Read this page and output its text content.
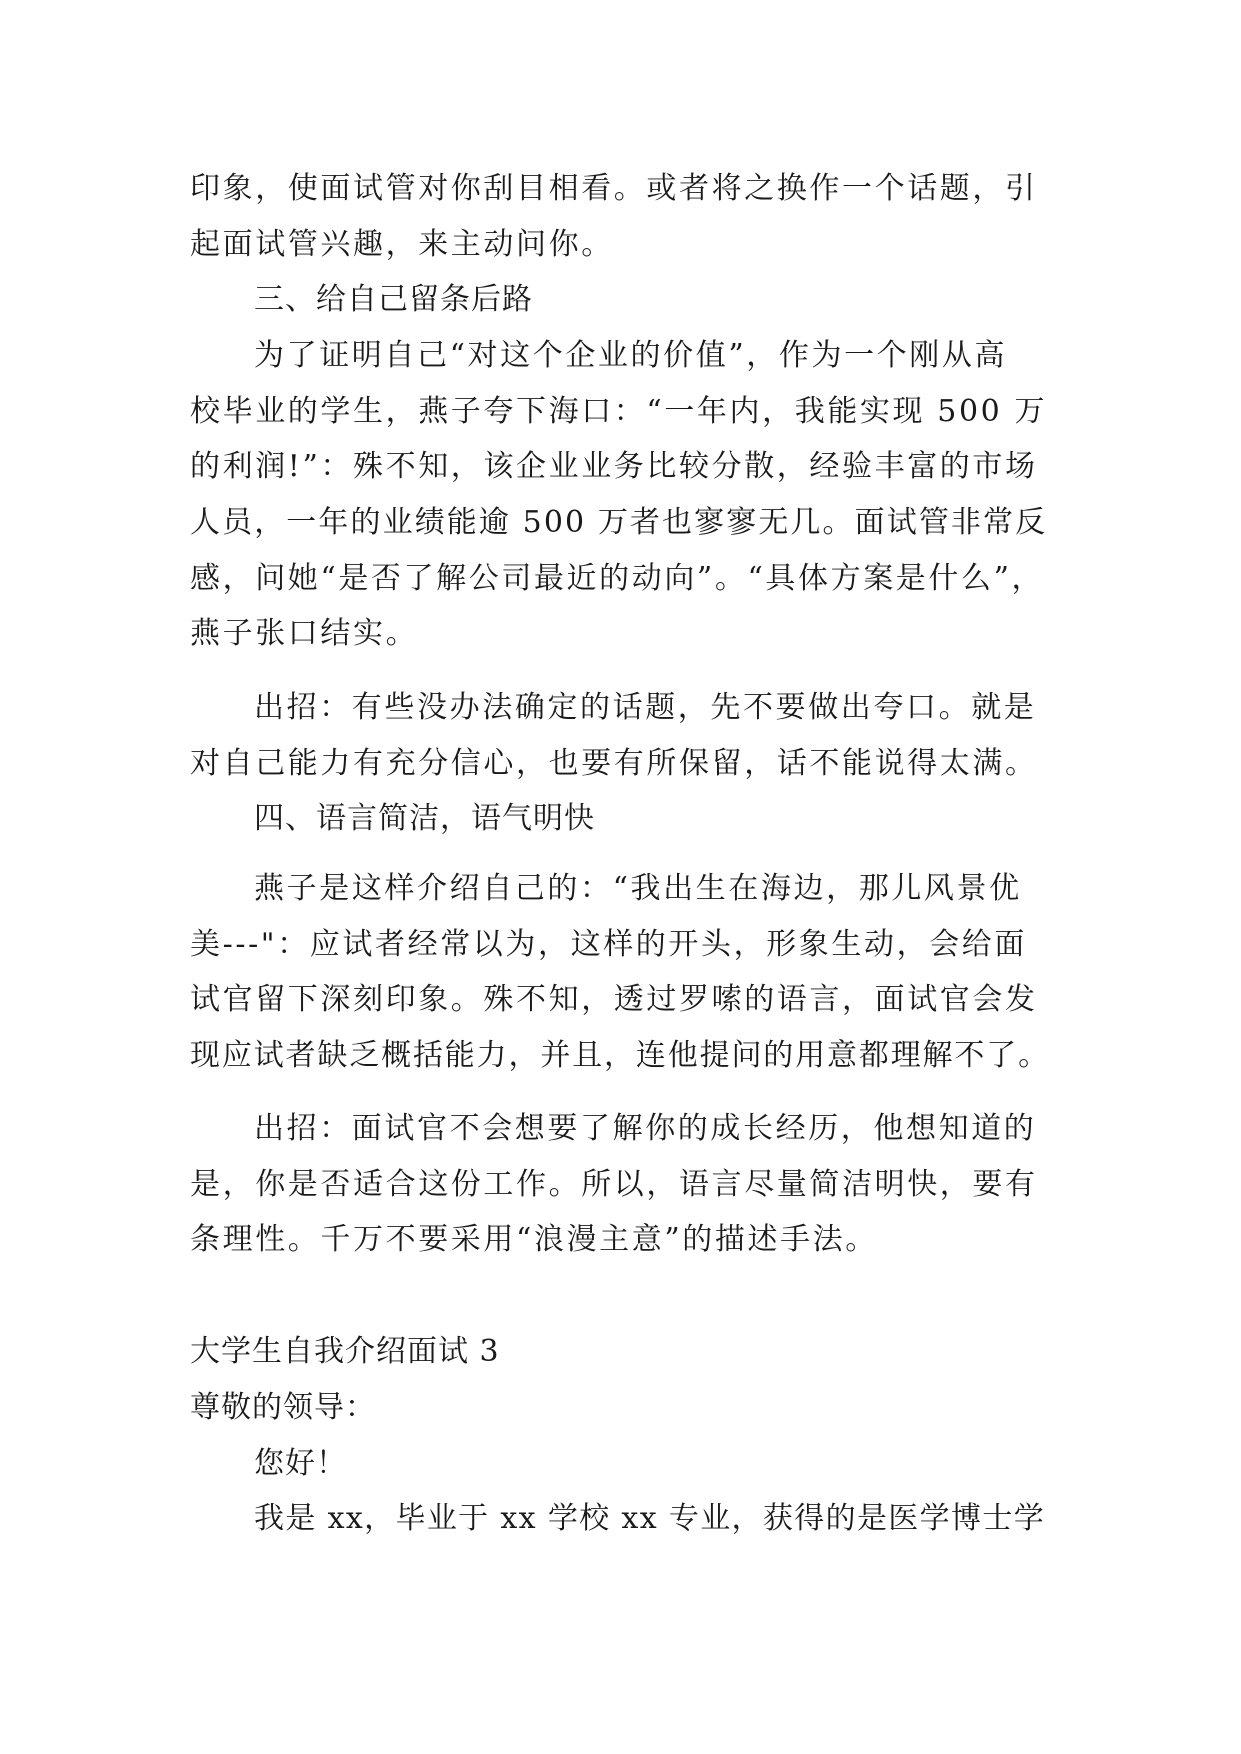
印象，使面试管对你刮目相看。或者将之换作一个话题，引
起面试管兴趣，来主动问你。
三、给自己留条后路
为了证明自己“对这个企业的价值”，作为一个刚从高
校毕业的学生，燕子夸下海口：“一年内，我能实现 500 万
的利润!”：殊不知，该企业业务比较分散，经验丰富的市场
人员，一年的业绩能逾 500 万者也寥寥无几。面试管非常反
感，问她“是否了解公司最近的动向”。“具体方案是什么”，
燕子张口结实。
出招：有些没办法确定的话题，先不要做出夸口。就是
对自己能力有充分信心，也要有所保留，话不能说得太满。
四、语言简洁，语气明快
燕子是这样介绍自己的：“我出生在海边，那儿风景优
美---"：应试者经常以为，这样的开头，形象生动，会给面
试官留下深刻印象。殊不知，透过罗嗦的语言，面试官会发
现应试者缺乏概括能力，并且，连他提问的用意都理解不了。
出招：面试官不会想要了解你的成长经历，他想知道的
是，你是否适合这份工作。所以，语言尽量简洁明快，要有
条理性。千万不要采用“浪漫主意”的描述手法。
大学生自我介绍面试 3
尊敬的领导：
您好！
我是 xx，毕业于 xx 学校 xx 专业，获得的是医学博士学
